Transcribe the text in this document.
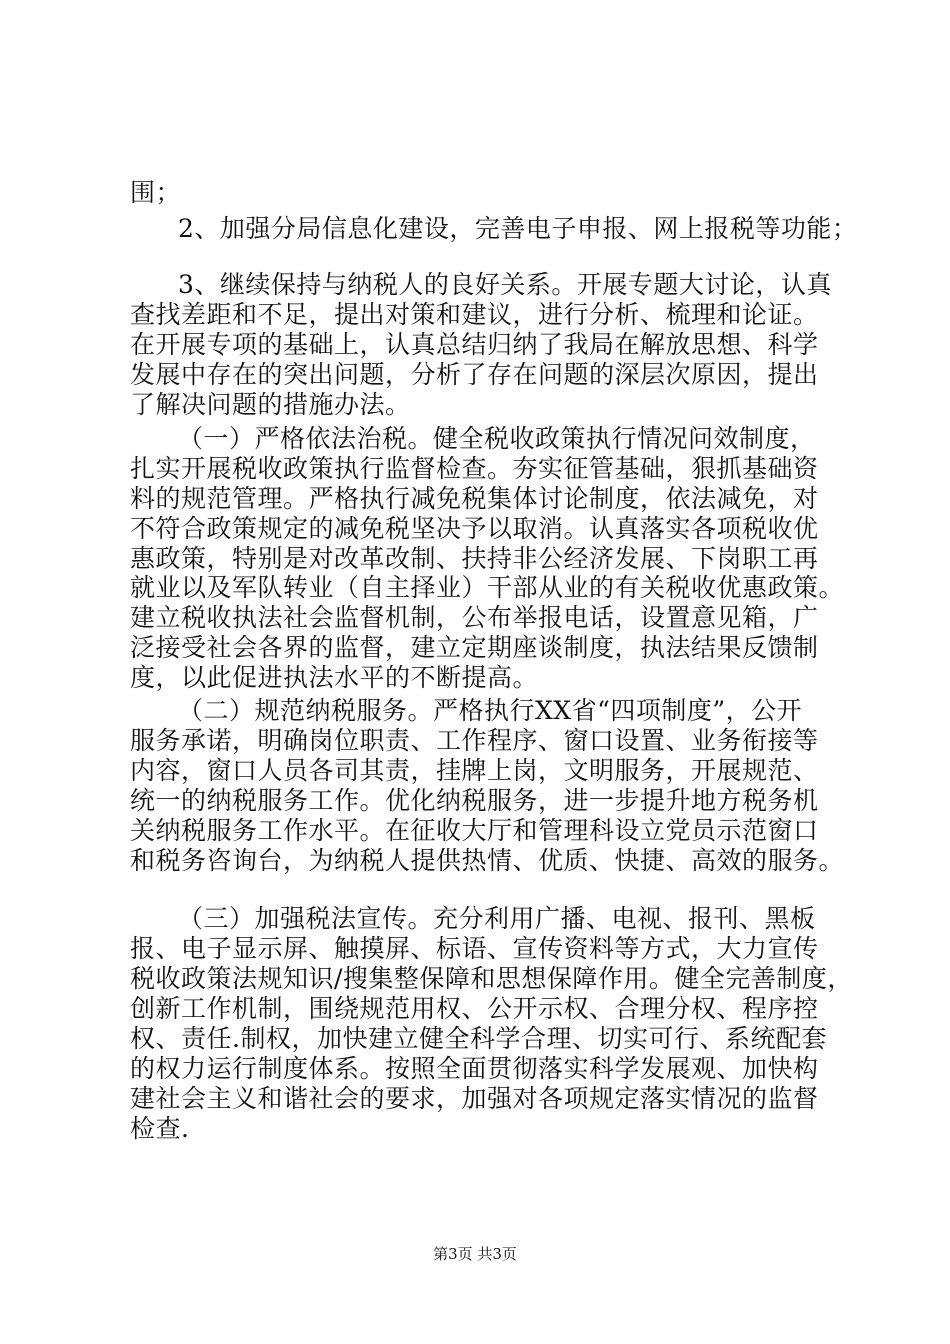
围；
2、加强分局信息化建设，完善电子申报、网上报税等功能；
3、继续保持与纳税人的良好关系。开展专题大讨论，认真
查找差距和不足，提出对策和建议，进行分析、梳理和论证。
在开展专项的基础上，认真总结归纳了我局在解放思想、科学
发展中存在的突出问题，分析了存在问题的深层次原因，提出
了解决问题的措施办法。
（一）严格依法治税。健全税收政策执行情况问效制度，
扎实开展税收政策执行监督检查。夯实征管基础，狠抓基础资
料的规范管理。严格执行减免税集体讨论制度，依法减免，对
不符合政策规定的减免税坚决予以取消。认真落实各项税收优
惠政策，特别是对改革改制、扶持非公经济发展、下岗职工再
就业以及军队转业（自主择业）干部从业的有关税收优惠政策。
建立税收执法社会监督机制，公布举报电话，设置意见箱，广
泛接受社会各界的监督，建立定期座谈制度，执法结果反馈制
度，以此促进执法水平的不断提高。
（二）规范纳税服务。严格执行XX省“四项制度”，公开
服务承诺，明确岗位职责、工作程序、窗口设置、业务衔接等
内容，窗口人员各司其责，挂牌上岗，文明服务，开展规范、
统一的纳税服务工作。优化纳税服务，进一步提升地方税务机
关纳税服务工作水平。在征收大厅和管理科设立党员示范窗口
和税务咨询台，为纳税人提供热情、优质、快捷、高效的服务。
（三）加强税法宣传。充分利用广播、电视、报刊、黑板
报、电子显示屏、触摸屏、标语、宣传资料等方式，大力宣传
税收政策法规知识/搜集整保障和思想保障作用。健全完善制度，
创新工作机制，围绕规范用权、公开示权、合理分权、程序控
权、责任.制权，加快建立健全科学合理、切实可行、系统配套
的权力运行制度体系。按照全面贯彻落实科学发展观、加快构
建社会主义和谐社会的要求，加强对各项规定落实情况的监督
检查.
第3页 共3页
